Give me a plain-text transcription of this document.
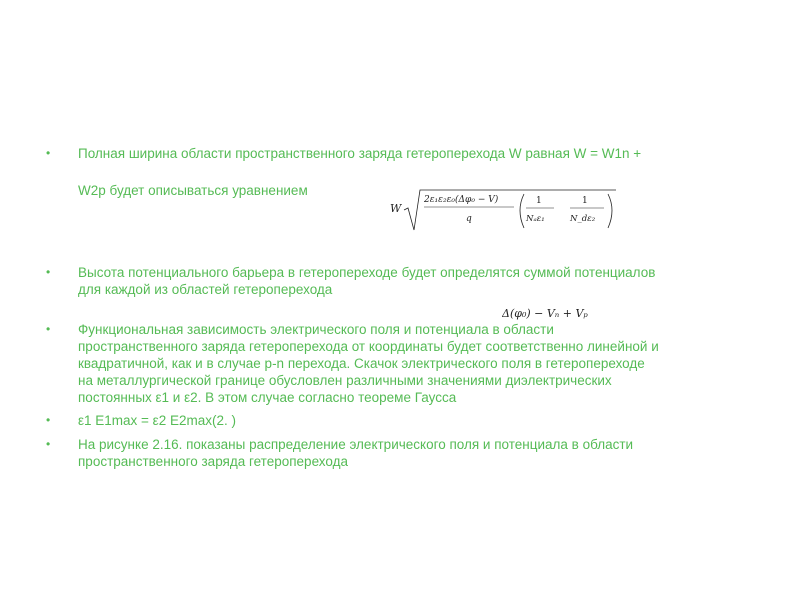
• Полная ширина области пространственного заряда гетероперехода W равная W = W1n +
W2p будет описываться уравнением
W
2ε₁ε₂ε₀(Δφ₀ − V)
q
1
Nₐε₁
1
N_dε₂
• Высота потенциального барьера в гетеропереходе будет определятся суммой потенциалов
для каждой из областей гетероперехода
Δ(φ₀) − Vₙ + Vₚ
• Функциональная зависимость электрического поля и потенциала в области
пространственного заряда гетероперехода от координаты будет соответственно линейной и
квадратичной, как и в случае p-n перехода. Скачок электрического поля в гетеропереходе
на металлургической границе обусловлен различными значениями диэлектрических
постоянных ε1 и ε2. В этом случае согласно теореме Гаусса
• ε1 E1max = ε2 E2max(2. )
• На рисунке 2.16. показаны распределение электрического поля и потенциала в области
пространственного заряда гетероперехода
